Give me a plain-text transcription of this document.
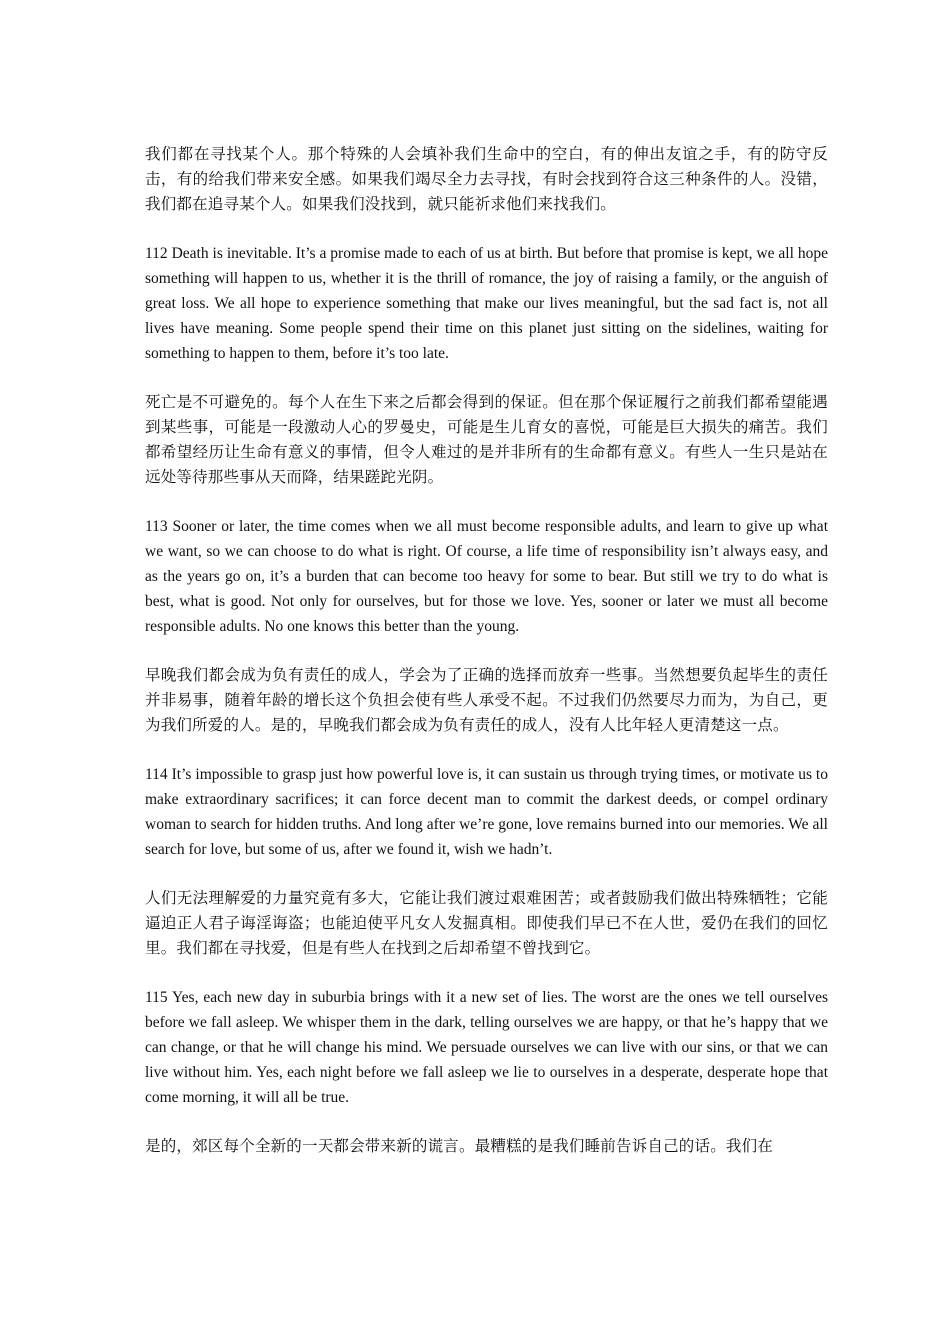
我们都在寻找某个人。那个特殊的人会填补我们生命中的空白，有的伸出友谊之手，有的防守反击，有的给我们带来安全感。如果我们竭尽全力去寻找，有时会找到符合这三种条件的人。没错，我们都在追寻某个人。如果我们没找到，就只能祈求他们来找我们。

112 Death is inevitable. It’s a promise made to each of us at birth. But before that promise is kept, we all hope something will happen to us, whether it is the thrill of romance, the joy of raising a family, or the anguish of great loss. We all hope to experience something that make our lives meaningful, but the sad fact is, not all lives have meaning. Some people spend their time on this planet just sitting on the sidelines, waiting for something to happen to them, before it’s too late.

死亡是不可避免的。每个人在生下来之后都会得到的保证。但在那个保证履行之前我们都希望能遇到某些事，可能是一段激动人心的罗曼史，可能是生儿育女的喜悦，可能是巨大损失的痛苦。我们都希望经历让生命有意义的事情，但令人难过的是并非所有的生命都有意义。有些人一生只是站在远处等待那些事从天而降，结果蹉跎光阴。

113 Sooner or later, the time comes when we all must become responsible adults, and learn to give up what we want, so we can choose to do what is right. Of course, a life time of responsibility isn’t always easy, and as the years go on, it’s a burden that can become too heavy for some to bear. But still we try to do what is best, what is good. Not only for ourselves, but for those we love. Yes, sooner or later we must all become responsible adults. No one knows this better than the young.

早晚我们都会成为负有责任的成人，学会为了正确的选择而放弃一些事。当然想要负起毕生的责任并非易事，随着年龄的增长这个负担会使有些人承受不起。不过我们仍然要尽力而为，为自己，更为我们所爱的人。是的，早晚我们都会成为负有责任的成人，没有人比年轻人更清楚这一点。

114 It’s impossible to grasp just how powerful love is, it can sustain us through trying times, or motivate us to make extraordinary sacrifices; it can force decent man to commit the darkest deeds, or compel ordinary woman to search for hidden truths. And long after we’re gone, love remains burned into our memories. We all search for love, but some of us, after we found it, wish we hadn’t.

人们无法理解爱的力量究竟有多大，它能让我们渡过艰难困苦；或者鼓励我们做出特殊牺牲；它能逼迫正人君子诲淫诲盗；也能迫使平凡女人发掘真相。即使我们早已不在人世，爱仍在我们的回忆里。我们都在寻找爱，但是有些人在找到之后却希望不曾找到它。

115 Yes, each new day in suburbia brings with it a new set of lies. The worst are the ones we tell ourselves before we fall asleep. We whisper them in the dark, telling ourselves we are happy, or that he’s happy that we can change, or that he will change his mind. We persuade ourselves we can live with our sins, or that we can live without him. Yes, each night before we fall asleep we lie to ourselves in a desperate, desperate hope that come morning, it will all be true.

是的，郊区每个全新的一天都会带来新的谎言。最糟糕的是我们睡前告诉自己的话。我们在
